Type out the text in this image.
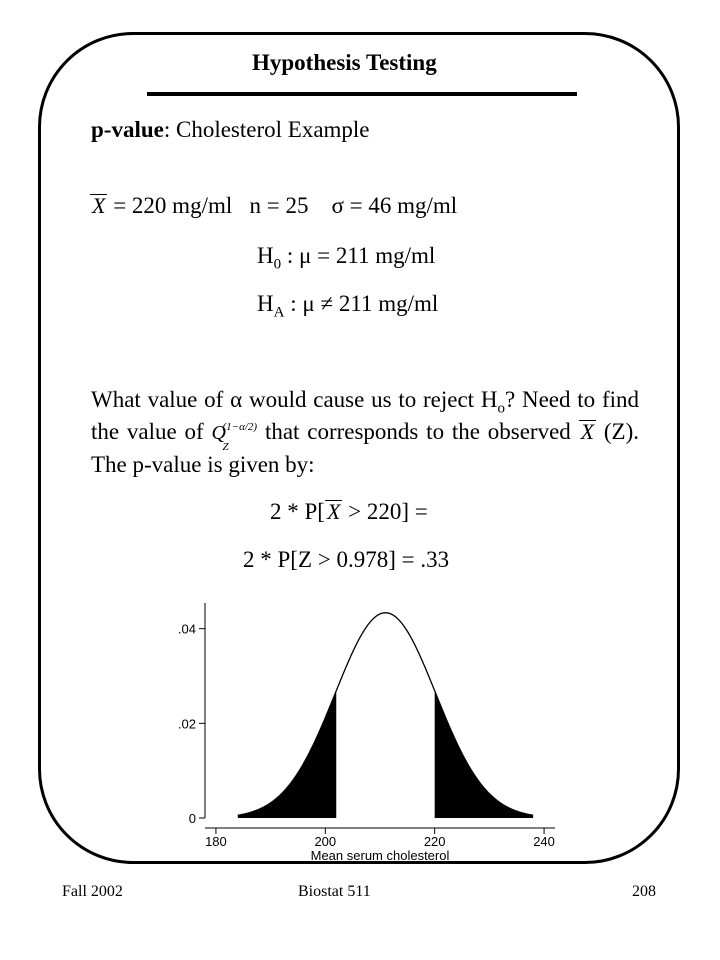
Hypothesis Testing
p-value: Cholesterol Example
X = 220 mg/ml n = 25 σ = 46 mg/ml
$H_0$ : μ = 211 mg/ml
$H_A$ : μ ≠ 211 mg/ml
What value of α would cause us to reject $H_o$? Need to find the value of Q
(1−α/2)
Z
that corresponds to the observed X (Z). The p-value is given by:
2 * P[X > 220] =
2 * P[Z > 0.978] = .33
0
.02
.04
180	200	220	240
Mean serum cholesterol
Fall 2002	Biostat 511	208
